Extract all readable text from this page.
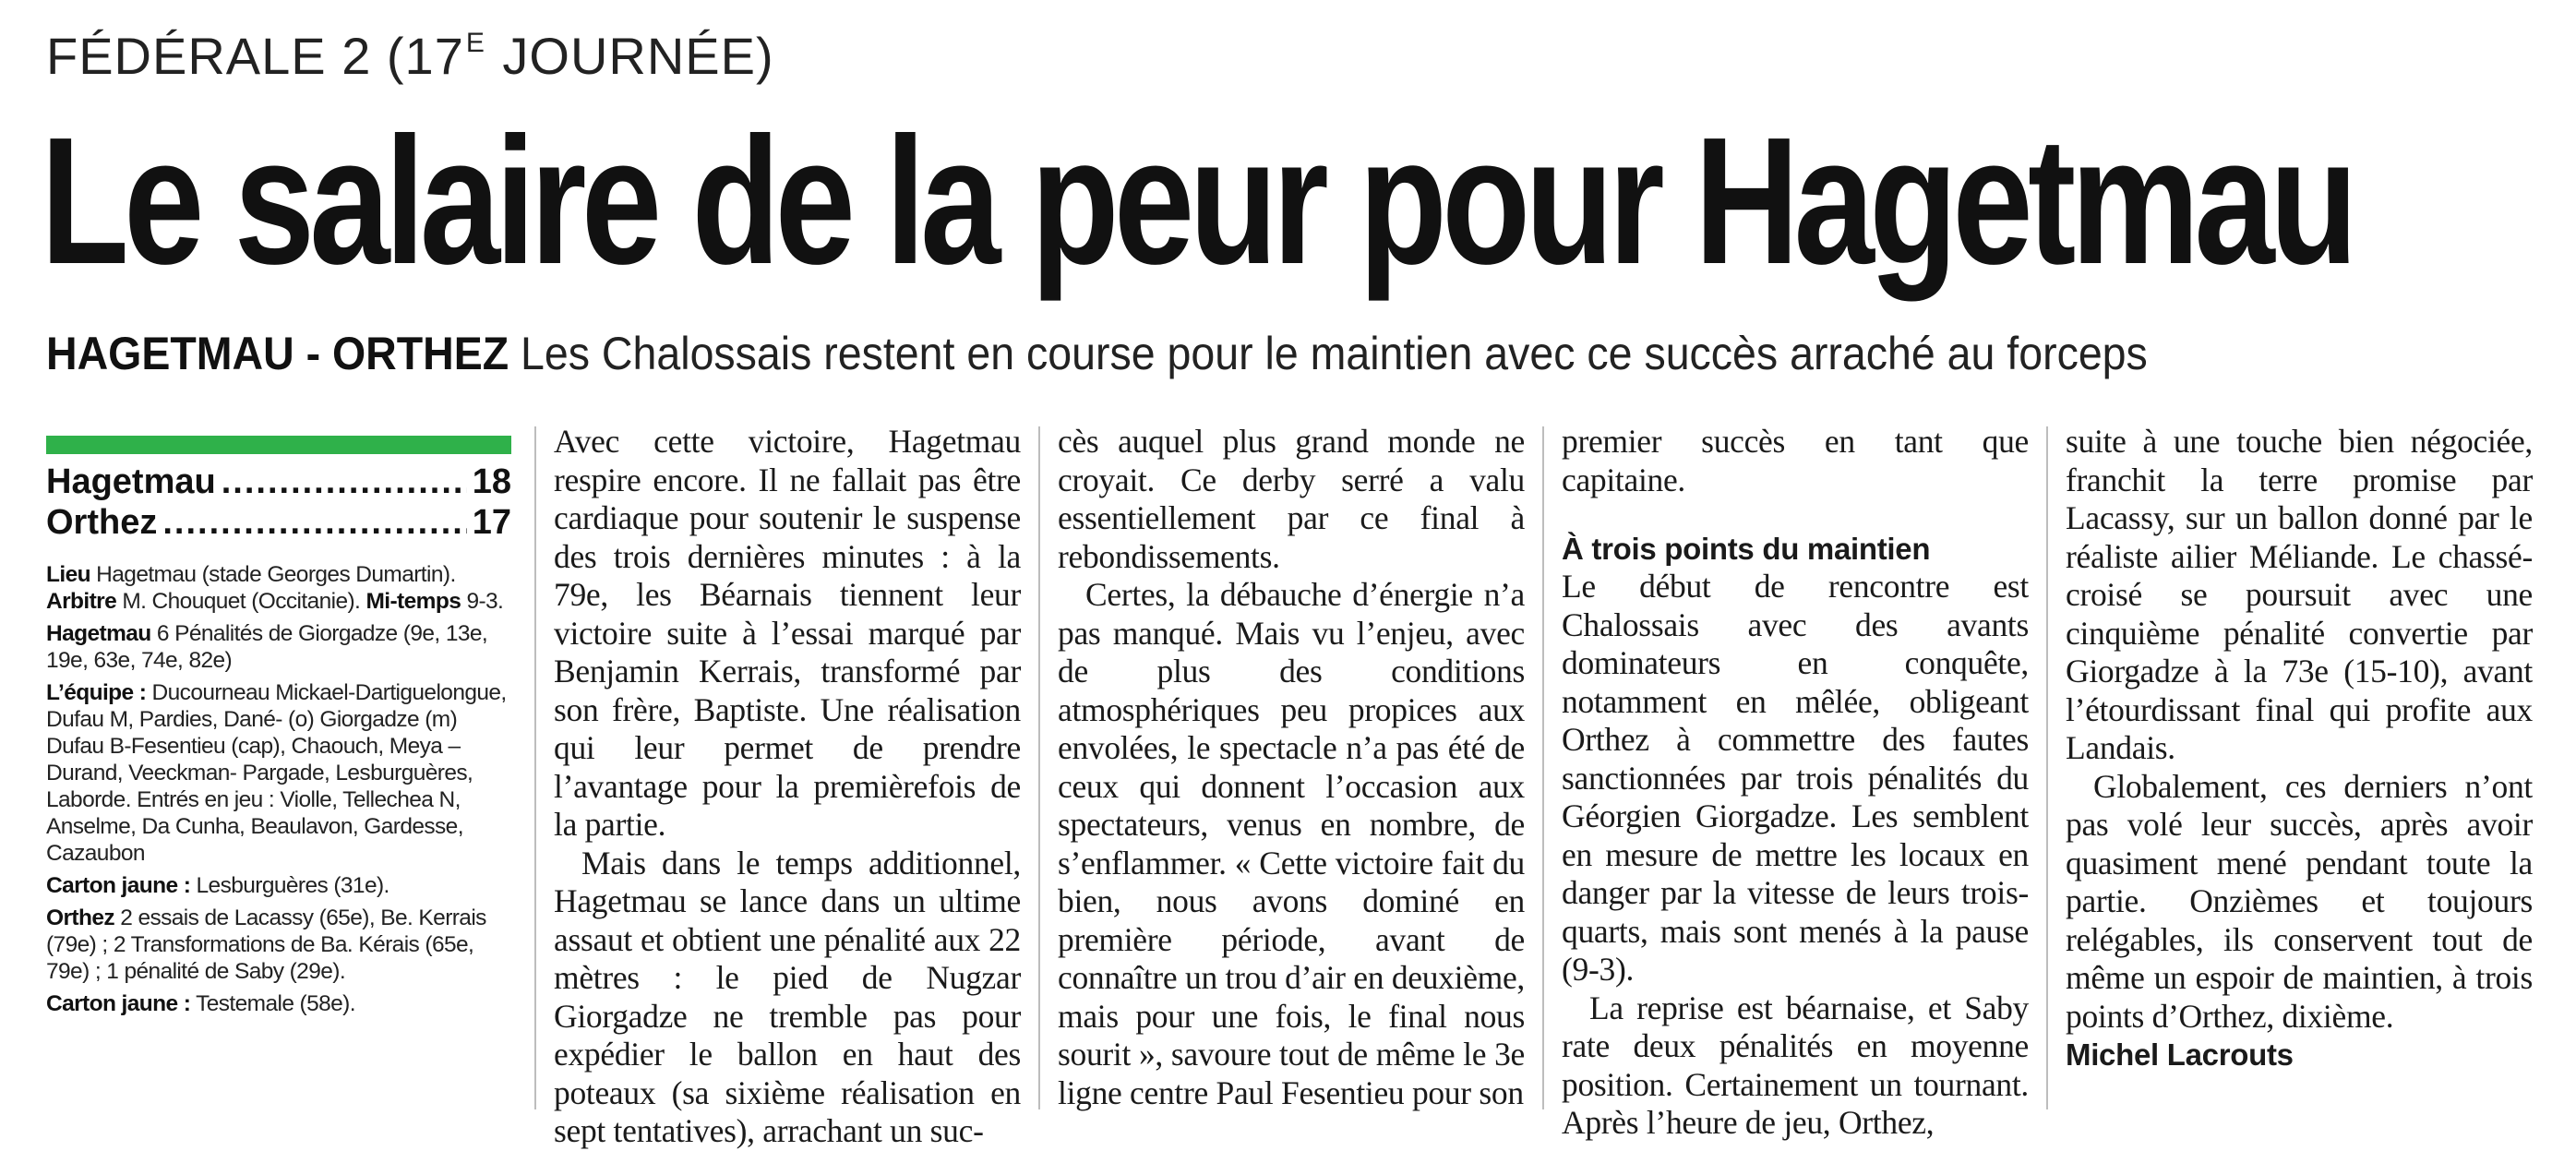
FÉDÉRALE 2 ($17^E$ JOURNÉE)
Le salaire de la peur pour Hagetmau
HAGETMAU - ORTHEZ Les Chalossais restent en course pour le maintien avec ce succès arraché au forceps
Hagetmau .....	18
Orthez .....	17

Lieu Hagetmau (stade Georges Dumartin). Arbitre M. Chouquet (Occitanie). Mi-temps 9-3.

Hagetmau 6 Pénalités de Giorgadze (9e, 13e, 19e, 63e, 74e, 82e)

L’équipe : Ducourneau Mickael-Dartiguelongue, Dufau M, Pardies, Dané- (o) Giorgadze (m) Dufau B-Fesentieu (cap), Chaouch, Meya – Durand, Veeckman- Pargade, Lesburguères, Laborde. Entrés en jeu : Violle, Tellechea N, Anselme, Da Cunha, Beaulavon, Gardesse, Cazaubon

Carton jaune : Lesburguères (31e).

Orthez 2 essais de Lacassy (65e), Be. Kerrais (79e) ; 2 Transformations de Ba. Kérais (65e, 79e) ; 1 pénalité de Saby (29e).

Carton jaune : Testemale (58e).

Avec cette victoire, Hagetmau respire encore. Il ne fallait pas être cardiaque pour soutenir le suspense des trois dernières minutes : à la 79e, les Béarnais tiennent leur victoire suite à l’essai marqué par Benjamin Kerrais, transformé par son frère, Baptiste. Une réalisation qui leur permet de prendre l’avantage pour la premièrefois de la partie.

Mais dans le temps additionnel, Hagetmau se lance dans un ultime assaut et obtient une pénalité aux 22 mètres : le pied de Nugzar Giorgadze ne tremble pas pour expédier le ballon en haut des poteaux (sa sixième réalisation en sept tentatives), arrachant un suc-

cès auquel plus grand monde ne croyait. Ce derby serré a valu essentiellement par ce final à rebondissements.

Certes, la débauche d’énergie n’a pas manqué. Mais vu l’enjeu, avec de plus des conditions atmosphériques peu propices aux envolées, le spectacle n’a pas été de ceux qui donnent l’occasion aux spectateurs, venus en nombre, de s’enflammer. « Cette victoire fait du bien, nous avons dominé en première période, avant de connaître un trou d’air en deuxième, mais pour une fois, le final nous sourit », savoure tout de même le 3e ligne centre Paul Fesentieu pour son

premier succès en tant que capitaine.

À trois points du maintien

Le début de rencontre est Chalossais avec des avants dominateurs en conquête, notamment en mêlée, obligeant Orthez à commettre des fautes sanctionnées par trois pénalités du Géorgien Giorgadze. Les semblent en mesure de mettre les locaux en danger par la vitesse de leurs trois-quarts, mais sont menés à la pause (9-3).

La reprise est béarnaise, et Saby rate deux pénalités en moyenne position. Certainement un tournant. Après l’heure de jeu, Orthez,

suite à une touche bien négociée, franchit la terre promise par Lacassy, sur un ballon donné par le réaliste ailier Méliande. Le chassé-croisé se poursuit avec une cinquième pénalité convertie par Giorgadze à la 73e (15-10), avant l’étourdissant final qui profite aux Landais.

Globalement, ces derniers n’ont pas volé leur succès, après avoir quasiment mené pendant toute la partie. Onzièmes et toujours relégables, ils conservent tout de même un espoir de maintien, à trois points d’Orthez, dixième.

Michel Lacrouts
